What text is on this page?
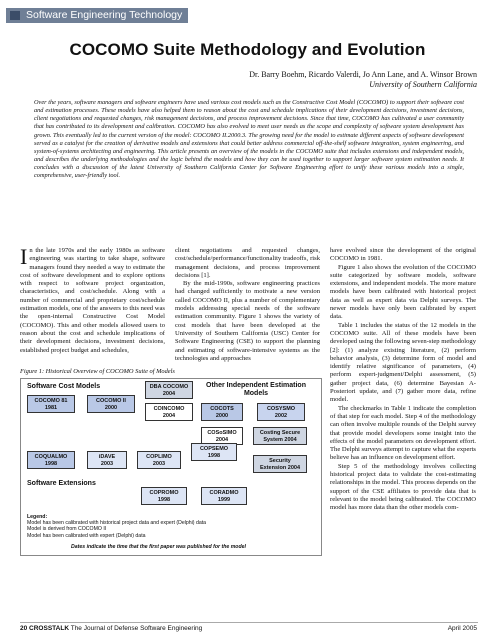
Software Engineering Technology
COCOMO Suite Methodology and Evolution
Dr. Barry Boehm, Ricardo Valerdi, Jo Ann Lane, and A. Winsor Brown
University of Southern California
Over the years, software managers and software engineers have used various cost models such as the Constructive Cost Model (COCOMO) to support their software cost and estimation processes. These models have also helped them to reason about the cost and schedule implications of their development decisions, investment decisions, client negotiations and requested changes, risk management decisions, and process improvement decisions. Since that time, COCOMO has cultivated a user community that has contributed to its development and calibration. COCOMO has also evolved to meet user needs as the scope and complexity of software system development has grown. This eventually led to the current version of the model: COCOMO II.2000.3. The growing need for the model to estimate different aspects of software development served as a catalyst for the creation of derivative models and extensions that could better address commercial off-the-shelf software integration, system engineering, and system-of-systems architecting and engineering. This article presents an overview of the models in the COCOMO suite that includes extensions and independent models, and describes the underlying methodologies and the logic behind the models and how they can be used together to support larger software system estimation needs. It concludes with a discussion of the latest University of Southern California Center for Software Engineering effort to unify these various models into a single, comprehensive, user-friendly tool.

In the late 1970s and the early 1980s as software engineering was starting to take shape, software managers found they needed a way to estimate the cost of software development and to explore options with respect to software project organization, characteristics, and cost/schedule. Along with a number of commercial and proprietary cost/schedule estimation models, one of the answers to this need was the open-internal Constructive Cost Model (COCOMO). This and other models allowed users to reason about the cost and schedule implications of their development decisions, investment decisions, established project budget and schedules,

client negotiations and requested changes, cost/schedule/performance/functionality tradeoffs, risk management decisions, and process improvement decisions [1].

By the mid-1990s, software engineering practices had changed sufficiently to motivate a new version called COCOMO II, plus a number of complementary models addressing special needs of the software estimation community. Figure 1 shows the variety of cost models that have been developed at the University of Southern California (USC) Center for Software Engineering (CSE) to support the planning and estimating of software-intensive systems as the technologies and approaches

have evolved since the development of the original COCOMO in 1981.

Figure 1 also shows the evolution of the COCOMO suite categorized by software models, software extensions, and independent models. The more mature models have been calibrated with historical project data as well as expert data via Delphi surveys. The newer models have only been calibrated by expert data.

Table 1 includes the status of the 12 models in the COCOMO suite. All of these models have been developed using the following seven-step methodology [2]: (1) analyze existing literature, (2) perform behavior analysis, (3) determine form of model and identify relative significance of parameters, (4) perform expert-judgment/Delphi assessment, (5) gather project data, (6) determine Bayesian A-Posteriori update, and (7) gather more data, refine model.

The checkmarks in Table 1 indicate the completion of that step for each model. Step 4 of the methodology can often involve multiple rounds of the Delphi survey that provide model developers some insight into the effects of the model parameters on development effort. The Delphi surveys attempt to capture what the experts believe has an influence on development effort.

Step 5 of the methodology involves collecting historical project data to validate the cost-estimating relationships in the model. This process depends on the support of the CSE affiliates to provide data that is relevant to the model being calibrated. The COCOMO model has more data than the other models com-

Figure 1: Historical Overview of COCOMO Suite of Models
Software Cost Models	Other Independent Estimation Models
Software Extensions
COCOMO 81
1981
COCOMO II
2000
DBA COCOMO
2004
COINCOMO
2004
COCOTS
2000
COSYSMO
2002
COSoSIMO
2004
Costing Secure
System 2004
COQUALMO
1998
iDAVE
2003
COPLIMO
2003
COPSEMO
1998
Security
Extension 2004
COPROMO
1998
CORADMO
1999
Legend:
Model has been calibrated with historical project data and expert (Delphi) data
Model is derived from COCOMO II
Model has been calibrated with expert (Delphi) data
Dates indicate the time that the first paper was published for the model
20 CROSSTALK The Journal of Defense Software Engineering	April 2005
